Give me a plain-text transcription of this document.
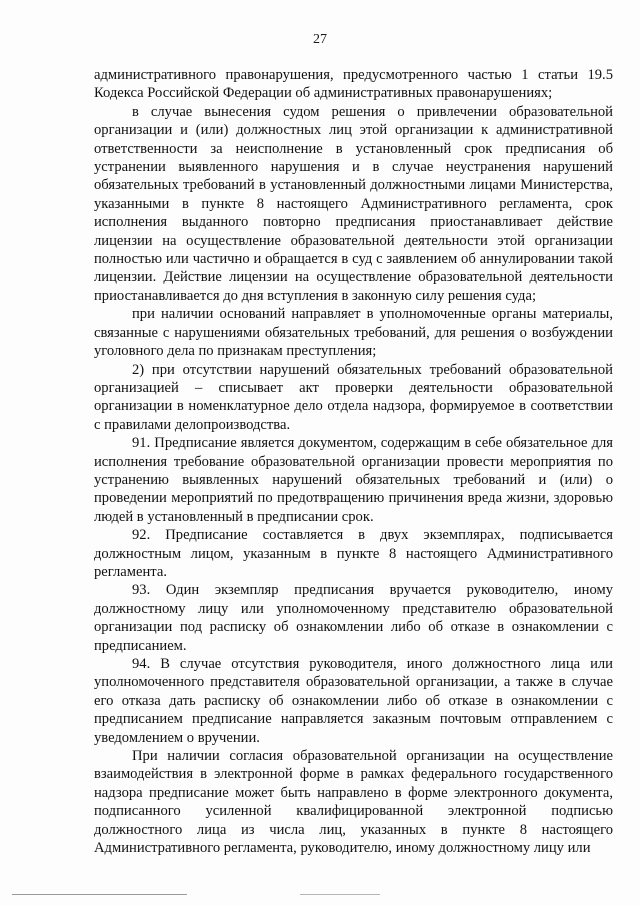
27

административного правонарушения, предусмотренного частью 1 статьи 19.5 Кодекса Российской Федерации об административных правонарушениях;

в случае вынесения судом решения о привлечении образовательной организации и (или) должностных лиц этой организации к административной ответственности за неисполнение в установленный срок предписания об устранении выявленного нарушения и в случае неустранения нарушений обязательных требований в установленный должностными лицами Министерства, указанными в пункте 8 настоящего Административного регламента, срок исполнения выданного повторно предписания приостанавливает действие лицензии на осуществление образовательной деятельности этой организации полностью или частично и обращается в суд с заявлением об аннулировании такой лицензии. Действие лицензии на осуществление образовательной деятельности приостанавливается до дня вступления в законную силу решения суда;

при наличии оснований направляет в уполномоченные органы материалы, связанные с нарушениями обязательных требований, для решения о возбуждении уголовного дела по признакам преступления;

2) при отсутствии нарушений обязательных требований образовательной организацией – списывает акт проверки деятельности образовательной организации в номенклатурное дело отдела надзора, формируемое в соответствии с правилами делопроизводства.

91. Предписание является документом, содержащим в себе обязательное для исполнения требование образовательной организации провести мероприятия по устранению выявленных нарушений обязательных требований и (или) о проведении мероприятий по предотвращению причинения вреда жизни, здоровью людей в установленный в предписании срок.

92. Предписание составляется в двух экземплярах, подписывается должностным лицом, указанным в пункте 8 настоящего Административного регламента.

93. Один экземпляр предписания вручается руководителю, иному должностному лицу или уполномоченному представителю образовательной организации под расписку об ознакомлении либо об отказе в ознакомлении с предписанием.

94. В случае отсутствия руководителя, иного должностного лица или уполномоченного представителя образовательной организации, а также в случае его отказа дать расписку об ознакомлении либо об отказе в ознакомлении с предписанием предписание направляется заказным почтовым отправлением с уведомлением о вручении.

При наличии согласия образовательной организации на осуществление взаимодействия в электронной форме в рамках федерального государственного надзора предписание может быть направлено в форме электронного документа, подписанного усиленной квалифицированной электронной подписью должностного лица из числа лиц, указанных в пункте 8 настоящего Административного регламента, руководителю, иному должностному лицу или
